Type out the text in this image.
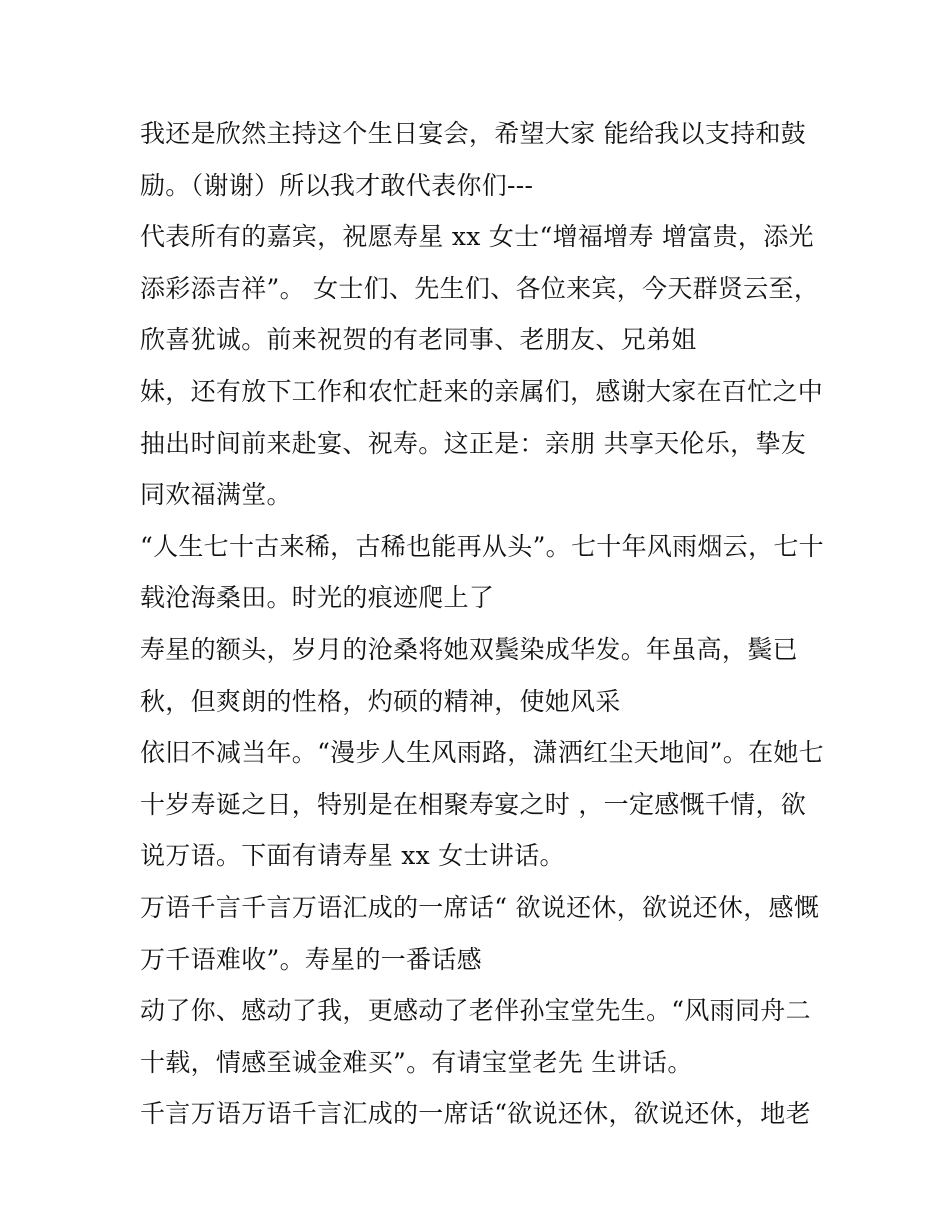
我还是欣然主持这个生日宴会，希望大家 能给我以支持和鼓
励。（谢谢）所以我才敢代表你们---
代表所有的嘉宾，祝愿寿星 xx 女士“增福增寿 增富贵，添光
添彩添吉祥”。 女士们、先生们、各位来宾，今天群贤云至，
欣喜犹诚。前来祝贺的有老同事、老朋友、兄弟姐
妹，还有放下工作和农忙赶来的亲属们，感谢大家在百忙之中
抽出时间前来赴宴、祝寿。这正是：亲朋 共享天伦乐，挚友
同欢福满堂。
“人生七十古来稀，古稀也能再从头”。七十年风雨烟云，七十
载沧海桑田。时光的痕迹爬上了
寿星的额头，岁月的沧桑将她双鬓染成华发。年虽高，鬓已
秋，但爽朗的性格，灼硕的精神，使她风采
依旧不减当年。“漫步人生风雨路，潇洒红尘天地间”。在她七
十岁寿诞之日，特别是在相聚寿宴之时 ，一定感慨千情，欲
说万语。下面有请寿星 xx 女士讲话。
万语千言千言万语汇成的一席话“ 欲说还休，欲说还休，感慨
万千语难收”。寿星的一番话感
动了你、感动了我，更感动了老伴孙宝堂先生。“风雨同舟二
十载，情感至诚金难买”。有请宝堂老先 生讲话。
千言万语万语千言汇成的一席话“欲说还休，欲说还休，地老
